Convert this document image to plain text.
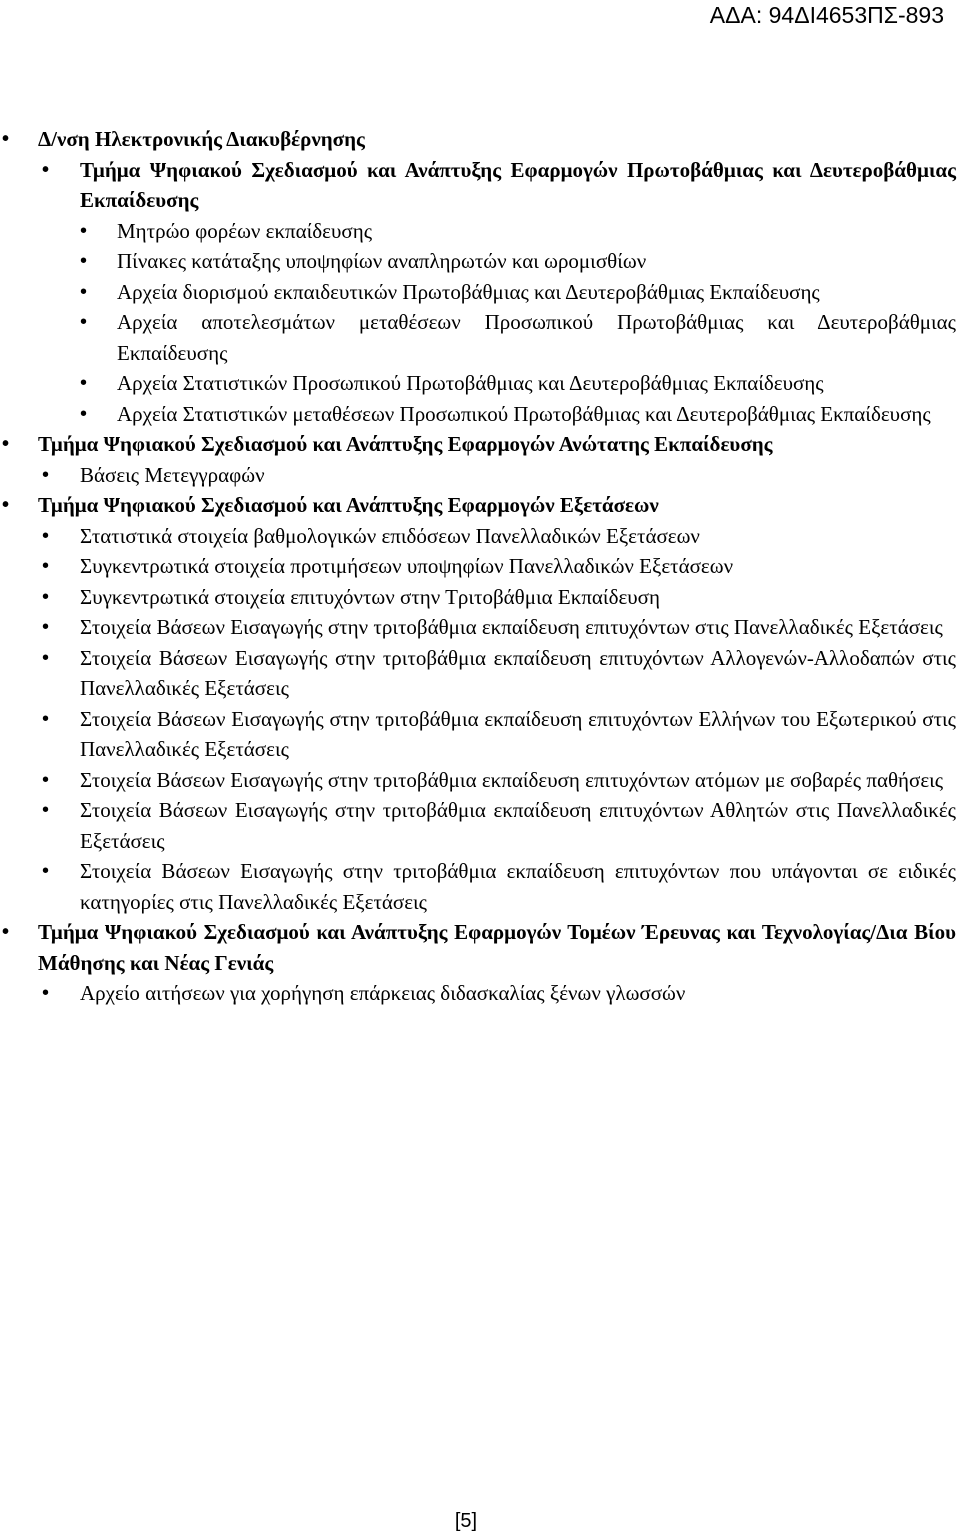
ΑΔΑ: 94ΔΙ4653ΠΣ-893
• Δ/νση Ηλεκτρονικής Διακυβέρνησης
• Τμήμα Ψηφιακού Σχεδιασμού και Ανάπτυξης Εφαρμογών Πρωτοβάθμιας και Δευτεροβάθμιας Εκπαίδευσης
• Μητρώο φορέων εκπαίδευσης
• Πίνακες κατάταξης υποψηφίων αναπληρωτών και ωρομισθίων
• Αρχεία διορισμού εκπαιδευτικών Πρωτοβάθμιας και Δευτεροβάθμιας Εκπαίδευσης
• Αρχεία αποτελεσμάτων μεταθέσεων Προσωπικού Πρωτοβάθμιας και Δευτεροβάθμιας Εκπαίδευσης
• Αρχεία Στατιστικών Προσωπικού Πρωτοβάθμιας και Δευτεροβάθμιας Εκπαίδευσης
• Αρχεία Στατιστικών μεταθέσεων Προσωπικού Πρωτοβάθμιας και Δευτεροβάθμιας Εκπαίδευσης
• Τμήμα Ψηφιακού Σχεδιασμού και Ανάπτυξης Εφαρμογών Ανώτατης Εκπαίδευσης
• Βάσεις Μετεγγραφών
• Τμήμα Ψηφιακού Σχεδιασμού και Ανάπτυξης Εφαρμογών Εξετάσεων
• Στατιστικά στοιχεία βαθμολογικών επιδόσεων Πανελλαδικών Εξετάσεων
• Συγκεντρωτικά στοιχεία προτιμήσεων υποψηφίων Πανελλαδικών Εξετάσεων
• Συγκεντρωτικά στοιχεία επιτυχόντων στην Τριτοβάθμια Εκπαίδευση
• Στοιχεία Βάσεων Εισαγωγής στην τριτοβάθμια εκπαίδευση επιτυχόντων στις Πανελλαδικές Εξετάσεις
• Στοιχεία Βάσεων Εισαγωγής στην τριτοβάθμια εκπαίδευση επιτυχόντων Αλλογενών-Αλλοδαπών στις Πανελλαδικές Εξετάσεις
• Στοιχεία Βάσεων Εισαγωγής στην τριτοβάθμια εκπαίδευση επιτυχόντων Ελλήνων του Εξωτερικού στις Πανελλαδικές Εξετάσεις
• Στοιχεία Βάσεων Εισαγωγής στην τριτοβάθμια εκπαίδευση επιτυχόντων ατόμων με σοβαρές παθήσεις
• Στοιχεία Βάσεων Εισαγωγής στην τριτοβάθμια εκπαίδευση επιτυχόντων Αθλητών στις Πανελλαδικές Εξετάσεις
• Στοιχεία Βάσεων Εισαγωγής στην τριτοβάθμια εκπαίδευση επιτυχόντων που υπάγονται σε ειδικές κατηγορίες στις Πανελλαδικές Εξετάσεις
• Τμήμα Ψηφιακού Σχεδιασμού και Ανάπτυξης Εφαρμογών Τομέων Έρευνας και Τεχνολογίας/Δια Βίου Μάθησης και Νέας Γενιάς
• Αρχείο αιτήσεων για χορήγηση επάρκειας διδασκαλίας ξένων γλωσσών
[5]
